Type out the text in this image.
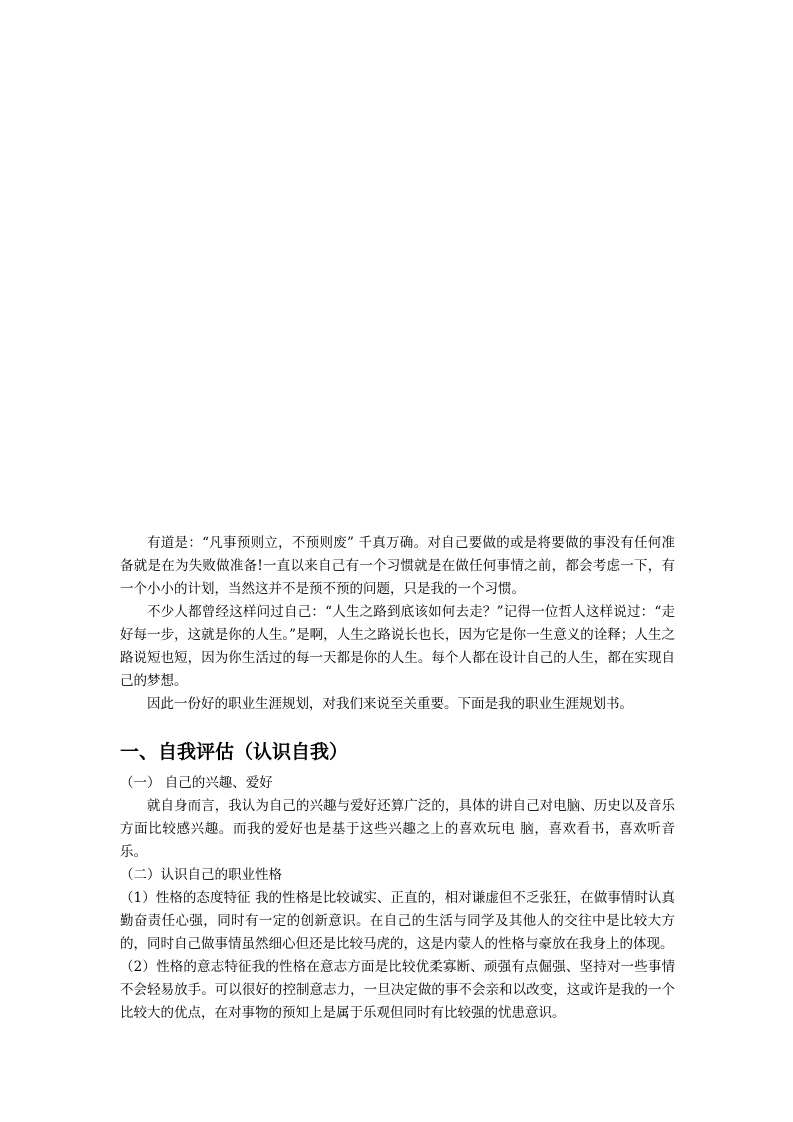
有道是：“凡事预则立，不预则废” 千真万确。对自己要做的或是将要做的事没有任何准备就是在为失败做准备!一直以来自己有一个习惯就是在做任何事情之前，都会考虑一下，有一个小小的计划，当然这并不是预不预的问题，只是我的一个习惯。

不少人都曾经这样问过自己：“人生之路到底该如何去走？”记得一位哲人这样说过：“走好每一步，这就是你的人生。”是啊，人生之路说长也长，因为它是你一生意义的诠释；人生之路说短也短，因为你生活过的每一天都是你的人生。每个人都在设计自己的人生，都在实现自己的梦想。

因此一份好的职业生涯规划，对我们来说至关重要。下面是我的职业生涯规划书。

一、自我评估（认识自我）

（一） 自己的兴趣、爱好

就自身而言，我认为自己的兴趣与爱好还算广泛的，具体的讲自己对电脑、历史以及音乐方面比较感兴趣。而我的爱好也是基于这些兴趣之上的喜欢玩电 脑，喜欢看书，喜欢听音乐。

（二）认识自己的职业性格

（1）性格的态度特征 我的性格是比较诚实、正直的，相对谦虚但不乏张狂，在做事情时认真勤奋责任心强，同时有一定的创新意识。在自己的生活与同学及其他人的交往中是比较大方的，同时自己做事情虽然细心但还是比较马虎的，这是内蒙人的性格与豪放在我身上的体现。

（2）性格的意志特征我的性格在意志方面是比较优柔寡断、顽强有点倔强、坚持对一些事情不会轻易放手。可以很好的控制意志力，一旦决定做的事不会亲和以改变，这或许是我的一个比较大的优点，在对事物的预知上是属于乐观但同时有比较强的忧患意识。
